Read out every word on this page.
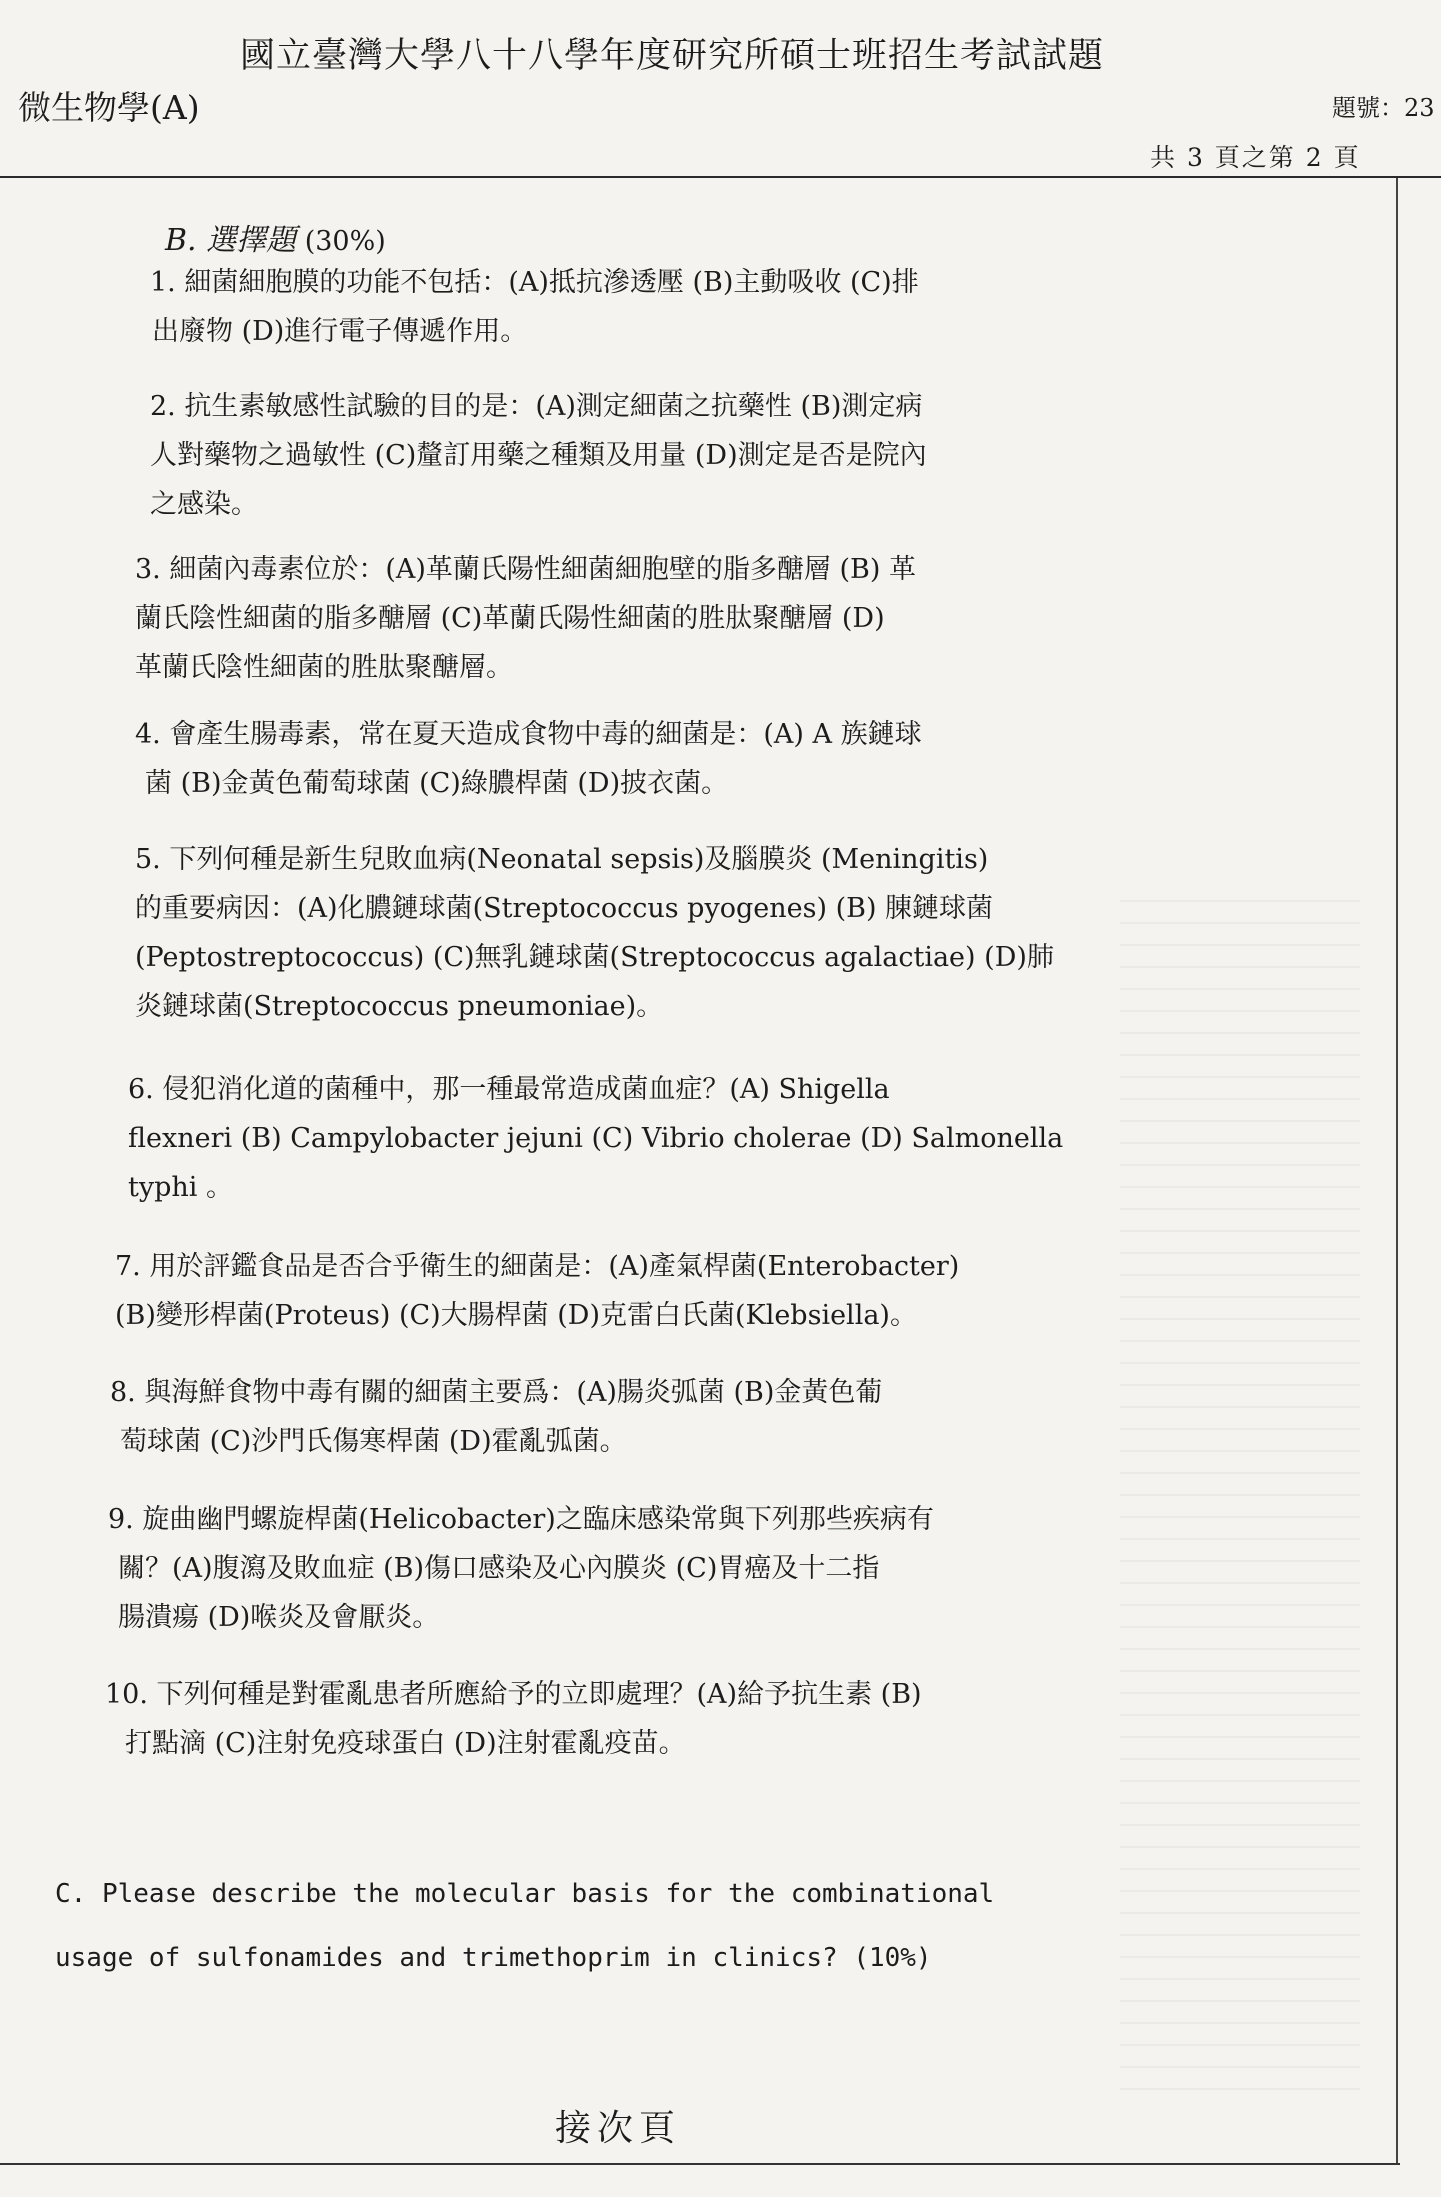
國立臺灣大學八十八學年度研究所碩士班招生考試試題
微生物學(A)	題號：23
共 3 頁之第 2 頁
B. 選擇題 (30%)
1. 細菌細胞膜的功能不包括：(A)抵抗滲透壓 (B)主動吸收 (C)排
出廢物 (D)進行電子傳遞作用。
2. 抗生素敏感性試驗的目的是：(A)測定細菌之抗藥性 (B)測定病
人對藥物之過敏性 (C)釐訂用藥之種類及用量 (D)測定是否是院內
之感染。
3. 細菌內毒素位於：(A)革蘭氏陽性細菌細胞壁的脂多醣層 (B) 革
蘭氏陰性細菌的脂多醣層 (C)革蘭氏陽性細菌的胜肽聚醣層 (D)
革蘭氏陰性細菌的胜肽聚醣層。
4. 會產生腸毒素，常在夏天造成食物中毒的細菌是：(A) A 族鏈球
菌 (B)金黃色葡萄球菌 (C)綠膿桿菌 (D)披衣菌。
5. 下列何種是新生兒敗血病(Neonatal sepsis)及腦膜炎 (Meningitis)
的重要病因：(A)化膿鏈球菌(Streptococcus pyogenes) (B) 腖鏈球菌
(Peptostreptococcus) (C)無乳鏈球菌(Streptococcus agalactiae) (D)肺
炎鏈球菌(Streptococcus pneumoniae)。
6. 侵犯消化道的菌種中，那一種最常造成菌血症？(A) Shigella
flexneri (B) Campylobacter jejuni (C) Vibrio cholerae (D) Salmonella
typhi 。
7. 用於評鑑食品是否合乎衛生的細菌是：(A)產氣桿菌(Enterobacter)
(B)變形桿菌(Proteus) (C)大腸桿菌 (D)克雷白氏菌(Klebsiella)。
8. 與海鮮食物中毒有關的細菌主要爲：(A)腸炎弧菌 (B)金黃色葡
萄球菌 (C)沙門氏傷寒桿菌 (D)霍亂弧菌。
9. 旋曲幽門螺旋桿菌(Helicobacter)之臨床感染常與下列那些疾病有
關？(A)腹瀉及敗血症 (B)傷口感染及心內膜炎 (C)胃癌及十二指
腸潰瘍 (D)喉炎及會厭炎。
10. 下列何種是對霍亂患者所應給予的立即處理？(A)給予抗生素 (B)
打點滴 (C)注射免疫球蛋白 (D)注射霍亂疫苗。
C. Please describe the molecular basis for the combinational
usage of sulfonamides and trimethoprim in clinics? (10%)
接次頁
